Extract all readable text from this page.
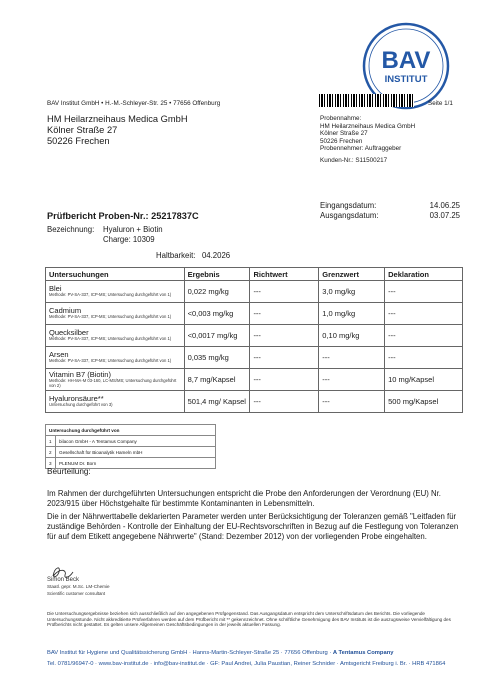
BAV
INSTITUT
BAV Institut GmbH • H.-M.-Schleyer-Str. 25 • 77656 Offenburg	Seite 1/1
HM Heilarzneihaus Medica GmbH
Kölner Straße 27
50226 Frechen
Probennahme:
HM Heilarzneihaus Medica GmbH
Kölner Straße 27
50226 Frechen
Probennehmer: Auftraggeber
Kunden-Nr.: S11500217
Eingangsdatum:	14.06.25
Ausgangsdatum:	03.07.25
Prüfbericht Proben-Nr.: 25217837C
Bezeichnung: Hyaluron + Biotin
Charge: 10309
Haltbarkeit: 04.2026
Untersuchungen	Ergebnis	Richtwert	Grenzwert	Deklaration

Blei
Methode: PV-SA-337, ICP-MS; Untersuchung durchgeführt von 1)	0,022 mg/kg	---	3,0 mg/kg	---

Cadmium
Methode: PV-SA-337, ICP-MS; Untersuchung durchgeführt von 1)	<0,003 mg/kg	---	1,0 mg/kg	---

Quecksilber
Methode: PV-SA-337, ICP-MS; Untersuchung durchgeführt von 1)	<0,0017 mg/kg	---	0,10 mg/kg	---

Arsen
Methode: PV-SA-337, ICP-MS; Untersuchung durchgeführt von 1)	0,035 mg/kg	---	---	---

Vitamin B7 (Biotin)
Methode: HH-MA-M 03-160, LC-MS/MS; Untersuchung durchgeführt von 2)	8,7 mg/Kapsel	---	---	10 mg/Kapsel

Hyaluronsäure**
Untersuchung durchgeführt von 3)	501,4 mg/ Kapsel	---	---	500 mg/Kapsel
Untersuchung durchgeführt von	
1	bilacon GmbH - A Tentamus Company
2	Gesellschaft für Bioanalytik Hameln mbH
3	PLENUM Dr. Born
Beurteilung:
Im Rahmen der durchgeführten Untersuchungen entspricht die Probe den Anforderungen der Verordnung (EU) Nr. 2023/915 über Höchstgehalte für bestimmte Kontaminanten in Lebensmitteln.
Die in der Nährwerttabelle deklarierten Parameter werden unter Berücksichtigung der Toleranzen gemäß "Leitfaden für zuständige Behörden - Kontrolle der Einhaltung der EU-Rechtsvorschriften in Bezug auf die Festlegung von Toleranzen für auf dem Etikett angegebene Nährwerte" (Stand: Dezember 2012) von der vorliegenden Probe eingehalten.
Simon Beck
Staatl. gepr. M.Sc. LM-Chemie
Scientific customer consultant
Die Untersuchungsergebnisse beziehen sich ausschließlich auf den angegebenen Prüfgegenstand. Das Ausgangsdatum entspricht dem Unterschriftsdatum des Berichts. Die vorliegende Untersuchungsstunde. Nicht akkreditierte Prüfverfahren werden auf dem Prüfbericht mit ** gekennzeichnet. Ohne schriftliche Genehmigung des BAV Instituts ist die auszugsweise Vervielfältigung des Prüfberichts nicht gestattet. Es gelten unsere Allgemeinen Geschäftsbedingungen in der jeweils aktuellen Fassung.
BAV Institut für Hygiene und Qualitätssicherung GmbH · Hanns-Martin-Schleyer-Straße 25 · 77656 Offenburg · A Tentamus Company
Tel. 0781/96947-0 · www.bav-institut.de · info@bav-institut.de · GF: Paul Andrei, Julia Paustian, Reiner Schnider · Amtsgericht Freiburg i. Br. · HRB 471864
